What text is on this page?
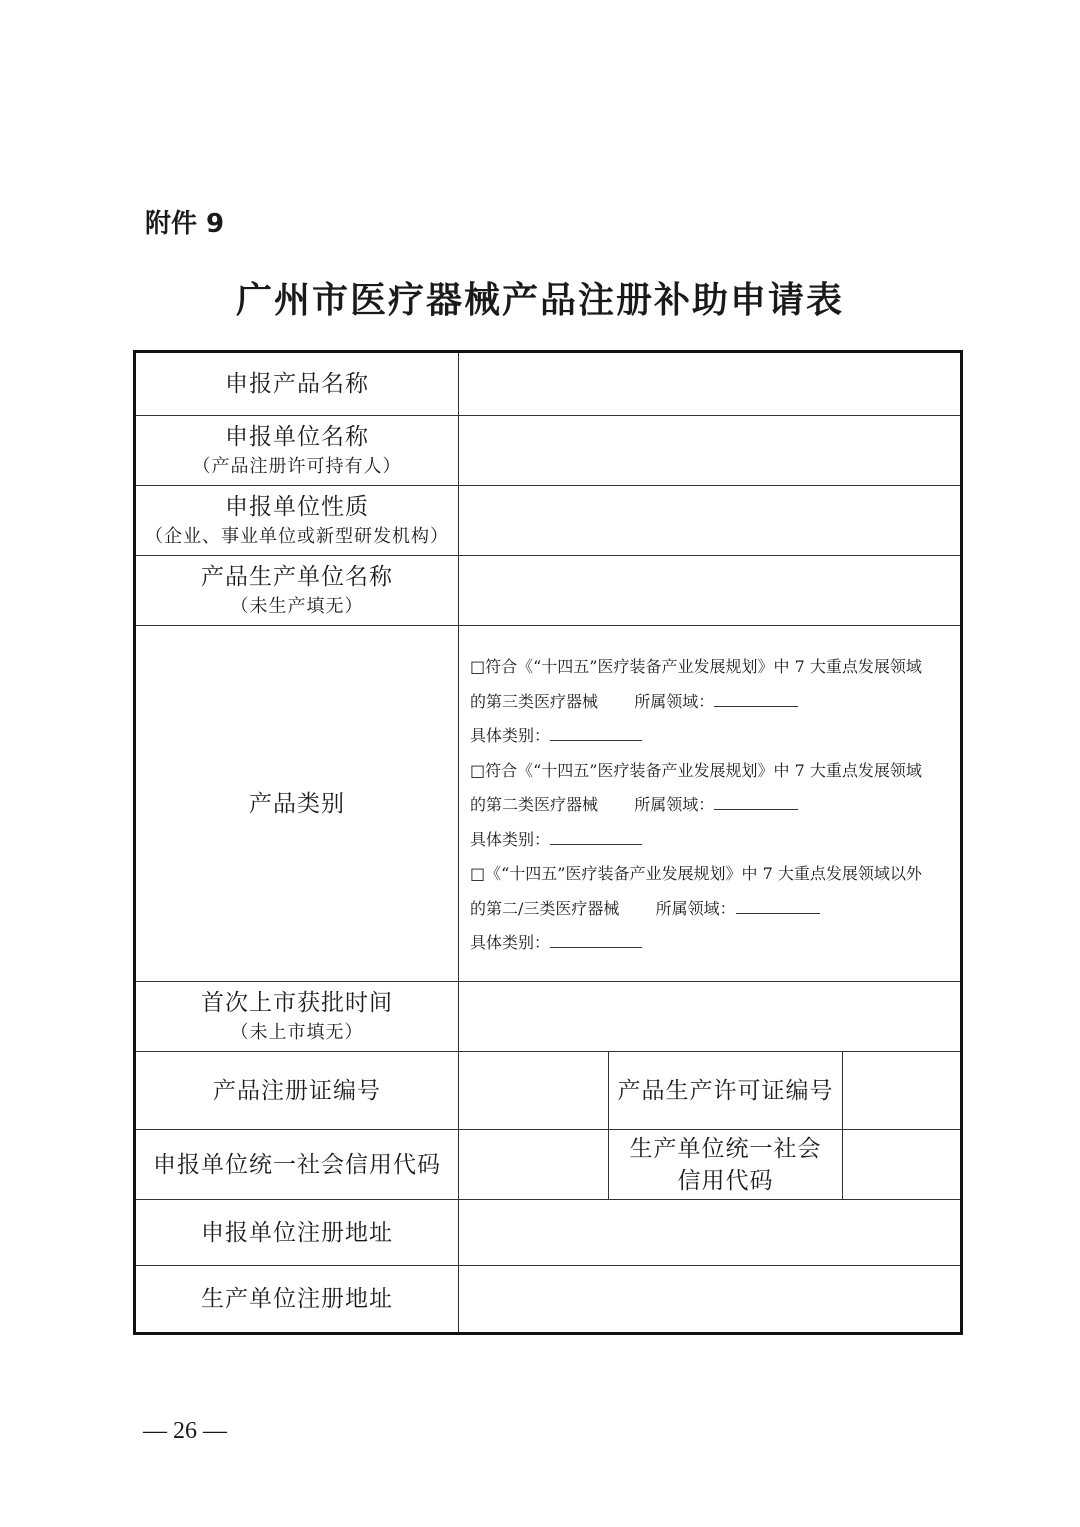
附件 9
广州市医疗器械产品注册补助申请表
申报产品名称
申报单位名称
（产品注册许可持有人）
申报单位性质
（企业、事业单位或新型研发机构）
产品生产单位名称
（未生产填无）
产品类别
□符合《“十四五”医疗装备产业发展规划》中 7 大重点发展领域
的第三类医疗器械 所属领域：
具体类别：
□符合《“十四五”医疗装备产业发展规划》中 7 大重点发展领域
的第二类医疗器械 所属领域：
具体类别：
□《“十四五”医疗装备产业发展规划》中 7 大重点发展领域以外
的第二/三类医疗器械 所属领域：
具体类别：
首次上市获批时间
（未上市填无）
产品注册证编号	产品生产许可证编号
申报单位统一社会信用代码
生产单位统一社会
信用代码
申报单位注册地址
生产单位注册地址
— 26 —
